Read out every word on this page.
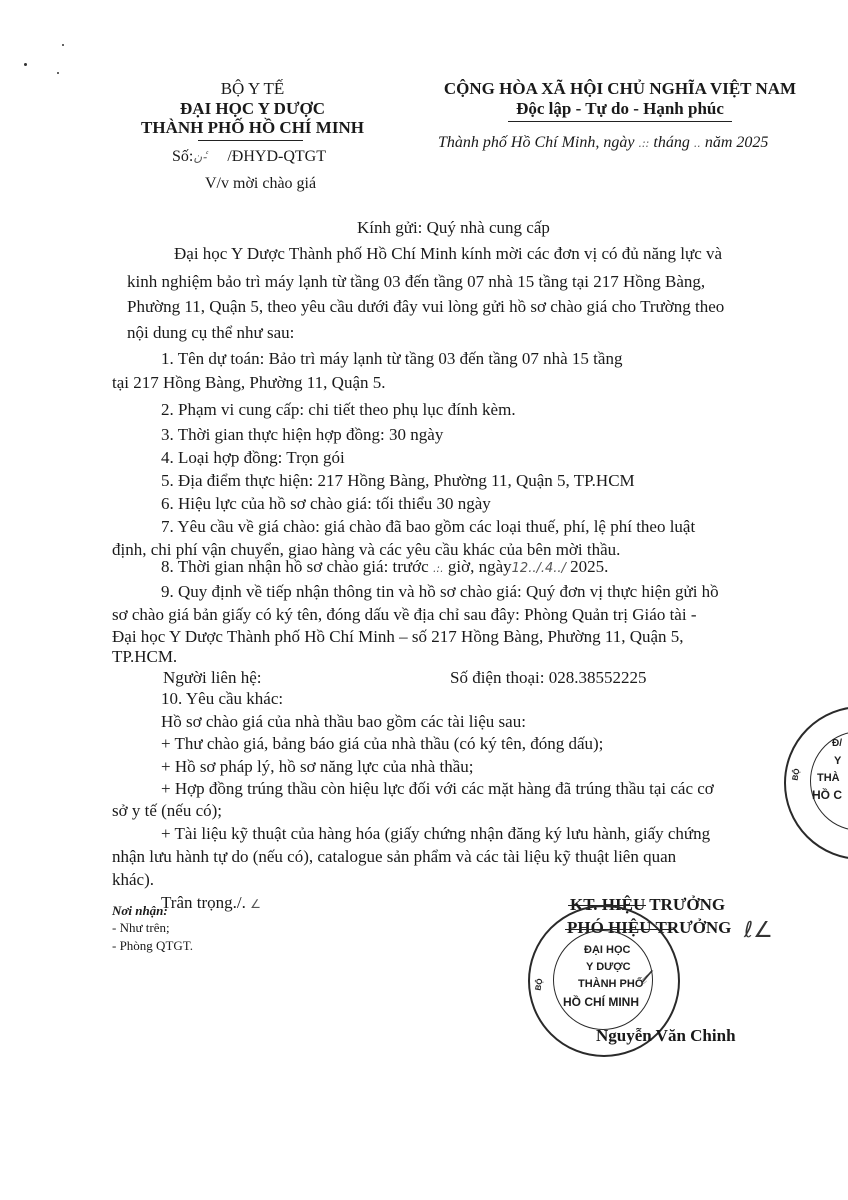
BỘ Y TẾ
ĐẠI HỌC Y DƯỢC
THÀNH PHỐ HỒ CHÍ MINH
Số:ن-ٔ /ĐHYD-QTGT
V/v mời chào giá
CỘNG HÒA XÃ HỘI CHỦ NGHĨA VIỆT NAM
Độc lập - Tự do - Hạnh phúc
Thành phố Hồ Chí Minh, ngày .:: tháng .. năm 2025
Kính gửi: Quý nhà cung cấp
Đại học Y Dược Thành phố Hồ Chí Minh kính mời các đơn vị có đủ năng lực và
kinh nghiệm bảo trì máy lạnh từ tầng 03 đến tầng 07 nhà 15 tầng tại 217 Hồng Bàng,
Phường 11, Quận 5, theo yêu cầu dưới đây vui lòng gửi hồ sơ chào giá cho Trường theo
nội dung cụ thể như sau:
1. Tên dự toán: Bảo trì máy lạnh từ tầng 03 đến tầng 07 nhà 15 tầng
tại 217 Hồng Bàng, Phường 11, Quận 5.
2. Phạm vi cung cấp: chi tiết theo phụ lục đính kèm.
3. Thời gian thực hiện hợp đồng: 30 ngày
4. Loại hợp đồng: Trọn gói
5. Địa điểm thực hiện: 217 Hồng Bàng, Phường 11, Quận 5, TP.HCM
6. Hiệu lực của hồ sơ chào giá: tối thiểu 30 ngày
7. Yêu cầu về giá chào: giá chào đã bao gồm các loại thuế, phí, lệ phí theo luật
định, chi phí vận chuyển, giao hàng và các yêu cầu khác của bên mời thầu.
8. Thời gian nhận hồ sơ chào giá: trước .:. giờ, ngày12../.4../ 2025.
9. Quy định về tiếp nhận thông tin và hồ sơ chào giá: Quý đơn vị thực hiện gửi hồ
sơ chào giá bản giấy có ký tên, đóng dấu về địa chỉ sau đây: Phòng Quản trị Giáo tài -
Đại học Y Dược Thành phố Hồ Chí Minh – số 217 Hồng Bàng, Phường 11, Quận 5,
TP.HCM.
Người liên hệ:	Số điện thoại: 028.38552225
10. Yêu cầu khác:
Hồ sơ chào giá của nhà thầu bao gồm các tài liệu sau:
+ Thư chào giá, bảng báo giá của nhà thầu (có ký tên, đóng dấu);
+ Hồ sơ pháp lý, hồ sơ năng lực của nhà thầu;
+ Hợp đồng trúng thầu còn hiệu lực đối với các mặt hàng đã trúng thầu tại các cơ
sở y tế (nếu có);
+ Tài liệu kỹ thuật của hàng hóa (giấy chứng nhận đăng ký lưu hành, giấy chứng
nhận lưu hành tự do (nếu có), catalogue sản phẩm và các tài liệu kỹ thuật liên quan
khác).
Trân trọng./. ∠
Nơi nhận:
- Như trên;
- Phòng QTGT.
Đ/
Y
THÀ
HỒ C
BỘ
KT. HIỆU TRƯỞNG
PHÓ HIỆU TRƯỞNG ℓ∠
ĐẠI HỌC
Y DƯỢC
THÀNH PHỐ
HỒ CHÍ MINH
BỘ	𝓁
Nguyễn Văn Chinh
